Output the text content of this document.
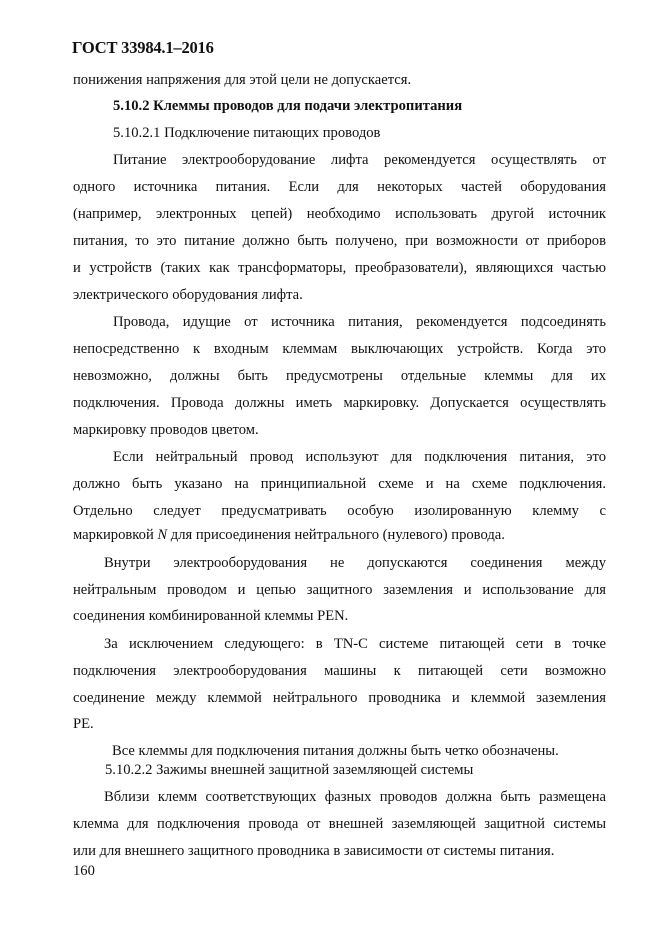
ГОСТ 33984.1–2016
понижения напряжения для этой цели не допускается.
5.10.2 Клеммы проводов для подачи электропитания
5.10.2.1 Подключение питающих проводов
Питание электрооборудование лифта рекомендуется осуществлять от
одного источника питания. Если для некоторых частей оборудования
(например, электронных цепей) необходимо использовать другой источник
питания, то это питание должно быть получено, при возможности от приборов
и устройств (таких как трансформаторы, преобразователи), являющихся частью
электрического оборудования лифта.
Провода, идущие от источника питания, рекомендуется подсоединять
непосредственно к входным клеммам выключающих устройств. Когда это
невозможно, должны быть предусмотрены отдельные клеммы для их
подключения. Провода должны иметь маркировку. Допускается осуществлять
маркировку проводов цветом.
Если нейтральный провод используют для подключения питания, это
должно быть указано на принципиальной схеме и на схеме подключения.
Отдельно следует предусматривать особую изолированную клемму с
маркировкой N для присоединения нейтрального (нулевого) провода.
Внутри электрооборудования не допускаются соединения между
нейтральным проводом и цепью защитного заземления и использование для
соединения комбинированной клеммы PEN.
За исключением следующего: в TN-C системе питающей сети в точке
подключения электрооборудования машины к питающей сети возможно
соединение между клеммой нейтрального проводника и клеммой заземления
PE.
Все клеммы для подключения питания должны быть четко обозначены.
5.10.2.2 Зажимы внешней защитной заземляющей системы
Вблизи клемм соответствующих фазных проводов должна быть размещена
клемма для подключения провода от внешней заземляющей защитной системы
или для внешнего защитного проводника в зависимости от системы питания.
160
